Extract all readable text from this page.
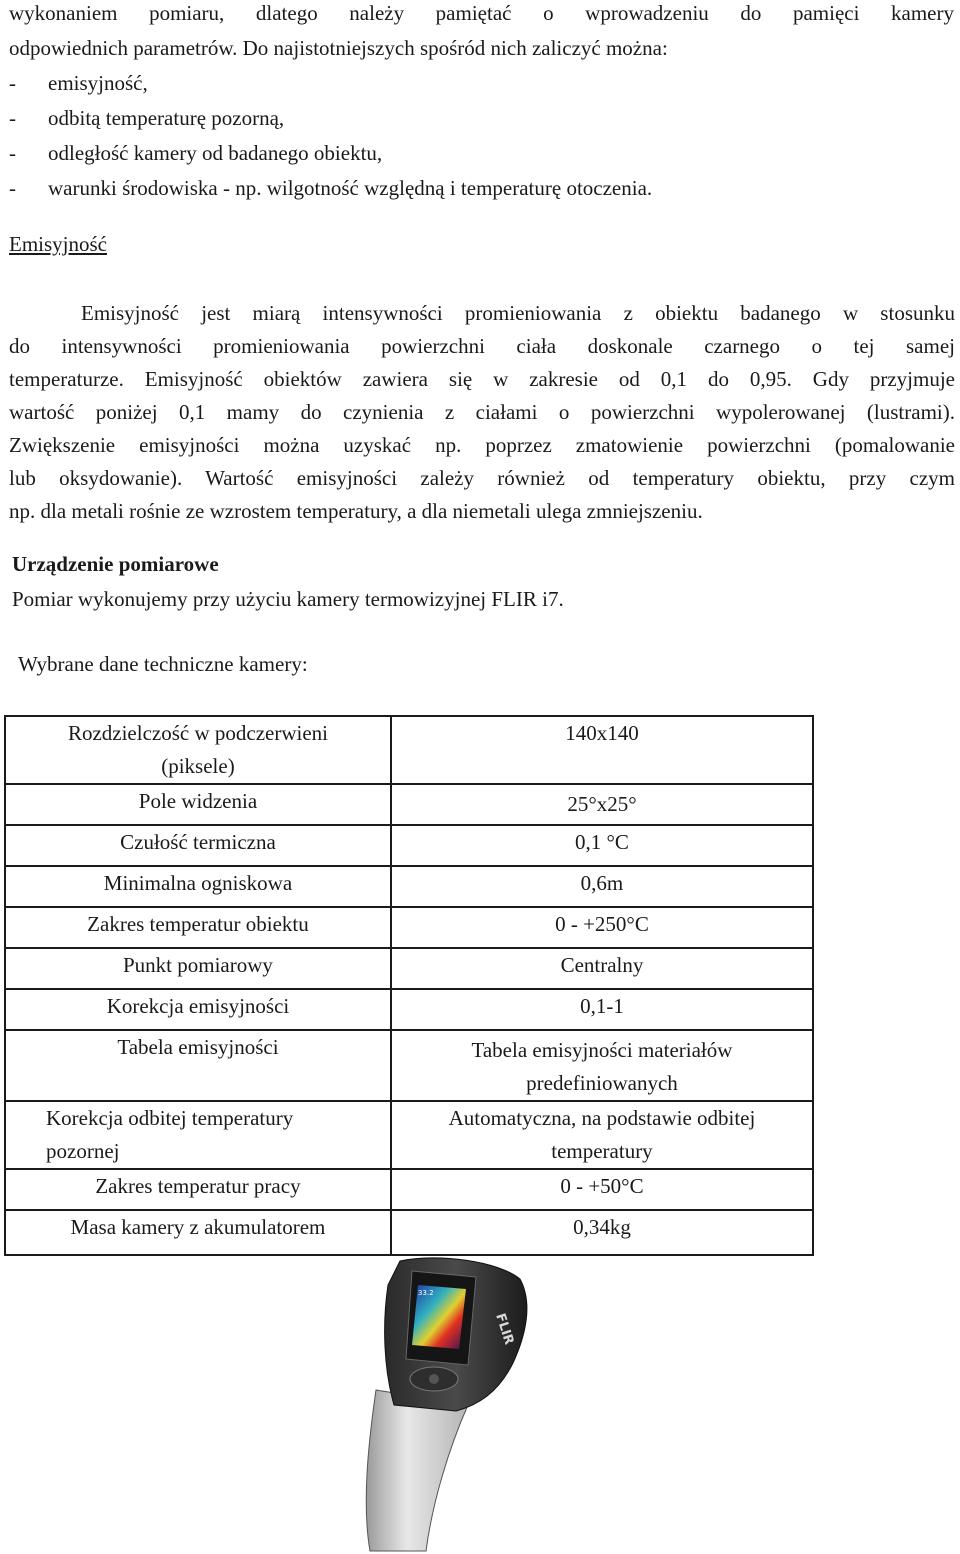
wykonaniem pomiaru, dlatego należy pamiętać o wprowadzeniu do pamięci kamery
odpowiednich parametrów. Do najistotniejszych spośród nich zaliczyć można:
- emisyjność,
- odbitą temperaturę pozorną,
- odległość kamery od badanego obiektu,
- warunki środowiska - np. wilgotność względną i temperaturę otoczenia.
Emisyjność
Emisyjność jest miarą intensywności promieniowania z obiektu badanego w stosunku
do intensywności promieniowania powierzchni ciała doskonale czarnego o tej samej
temperaturze. Emisyjność obiektów zawiera się w zakresie od 0,1 do 0,95. Gdy przyjmuje
wartość poniżej 0,1 mamy do czynienia z ciałami o powierzchni wypolerowanej (lustrami).
Zwiększenie emisyjności można uzyskać np. poprzez zmatowienie powierzchni (pomalowanie
lub oksydowanie). Wartość emisyjności zależy również od temperatury obiektu, przy czym
np. dla metali rośnie ze wzrostem temperatury, a dla niemetali ulega zmniejszeniu.
Urządzenie pomiarowe
Pomiar wykonujemy przy użyciu kamery termowizyjnej FLIR i7.
Wybrane dane techniczne kamery:
Rozdzielczość w podczerwieni (piksele)	140x140
Pole widzenia	25°x25°
Czułość termiczna	0,1 °C
Minimalna ogniskowa	0,6m
Zakres temperatur obiektu	0 - +250°C
Punkt pomiarowy	Centralny
Korekcja emisyjności	0,1-1
Tabela emisyjności	Tabela emisyjności materiałów predefiniowanych
Korekcja odbitej temperatury pozornej	Automatyczna, na podstawie odbitej temperatury
Zakres temperatur pracy	0 - +50°C
Masa kamery z akumulatorem	0,34kg
33.2
FLIR
